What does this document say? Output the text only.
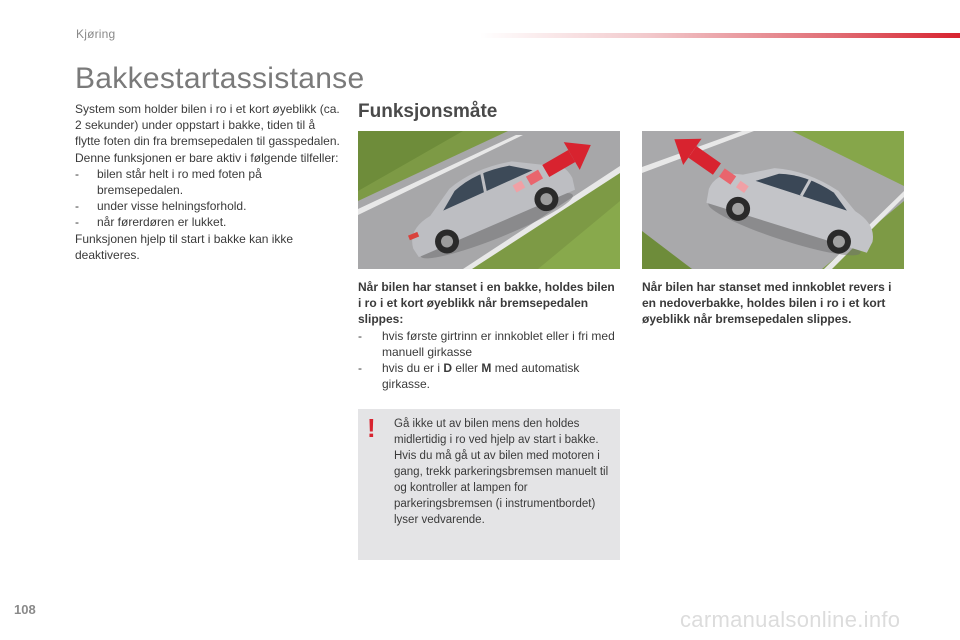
Kjøring
Bakkestartassistanse

System som holder bilen i ro i et kort øyeblikk (ca. 2 sekunder) under oppstart i bakke, tiden til å flytte foten din fra bremsepedalen til gasspedalen.

Denne funksjonen er bare aktiv i følgende tilfeller:

- bilen står helt i ro med foten på bremsepedalen.
- under visse helningsforhold.
- når førerdøren er lukket.

Funksjonen hjelp til start i bakke kan ikke deaktiveres.

Funksjonsmåte
Når bilen har stanset i en bakke, holdes bilen i ro i et kort øyeblikk når bremsepedalen slippes:
- hvis første girtrinn er innkoblet eller i fri med manuell girkasse
- hvis du er i D eller M med automatisk girkasse.
Når bilen har stanset med innkoblet revers i en nedoverbakke, holdes bilen i ro i et kort øyeblikk når bremsepedalen slippes.
! Gå ikke ut av bilen mens den holdes midlertidig i ro ved hjelp av start i bakke. Hvis du må gå ut av bilen med motoren i gang, trekk parkeringsbremsen manuelt til og kontroller at lampen for parkeringsbremsen (i instrumentbordet) lyser vedvarende.
108	carmanualsonline.info
